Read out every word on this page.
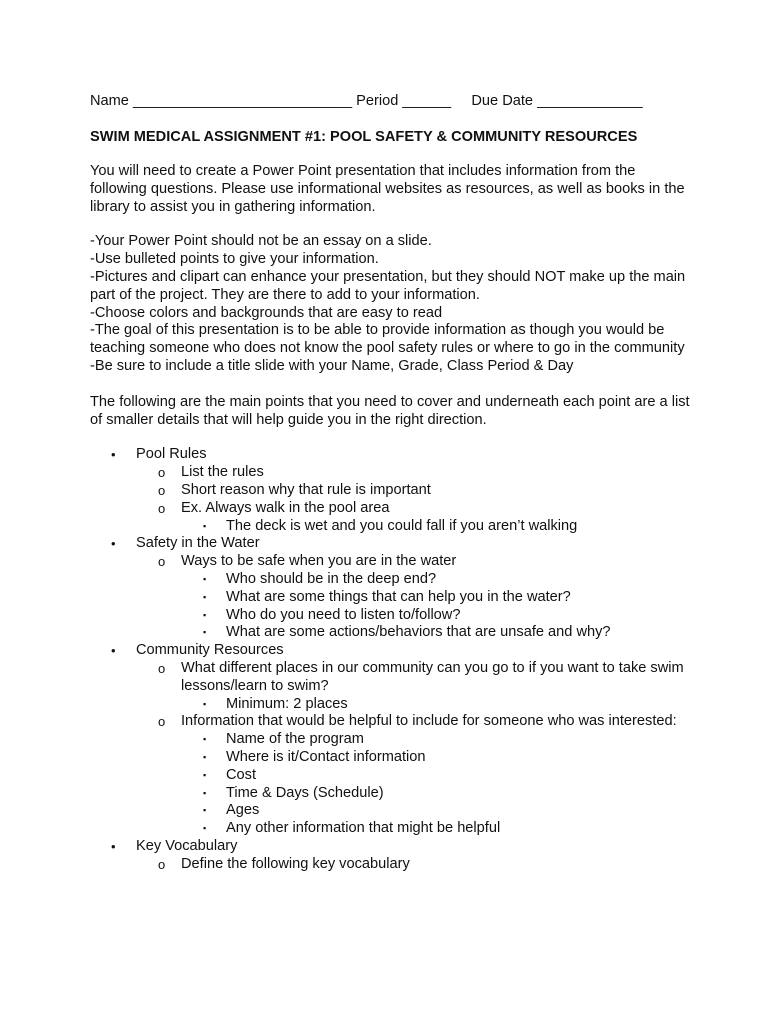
Name ___________________________ Period ______     Due Date _____________
SWIM MEDICAL ASSIGNMENT #1: POOL SAFETY & COMMUNITY RESOURCES
You will need to create a Power Point presentation that includes information from the following questions. Please use informational websites as resources, as well as books in the library to assist you in gathering information.
-Your Power Point should not be an essay on a slide.
-Use bulleted points to give your information.
-Pictures and clipart can enhance your presentation, but they should NOT make up the main part of the project. They are there to add to your information.
-Choose colors and backgrounds that are easy to read
-The goal of this presentation is to be able to provide information as though you would be teaching someone who does not know the pool safety rules or where to go in the community
-Be sure to include a title slide with your Name, Grade, Class Period & Day
The following are the main points that you need to cover and underneath each point are a list of smaller details that will help guide you in the right direction.
• Pool Rules
o List the rules
o Short reason why that rule is important
o Ex. Always walk in the pool area
▪ The deck is wet and you could fall if you aren’t walking
• Safety in the Water
o Ways to be safe when you are in the water
▪ Who should be in the deep end?
▪ What are some things that can help you in the water?
▪ Who do you need to listen to/follow?
▪ What are some actions/behaviors that are unsafe and why?
• Community Resources
o What different places in our community can you go to if you want to take swim lessons/learn to swim?
▪ Minimum: 2 places
o Information that would be helpful to include for someone who was interested:
▪ Name of the program
▪ Where is it/Contact information
▪ Cost
▪ Time & Days (Schedule)
▪ Ages
▪ Any other information that might be helpful
• Key Vocabulary
o Define the following key vocabulary
